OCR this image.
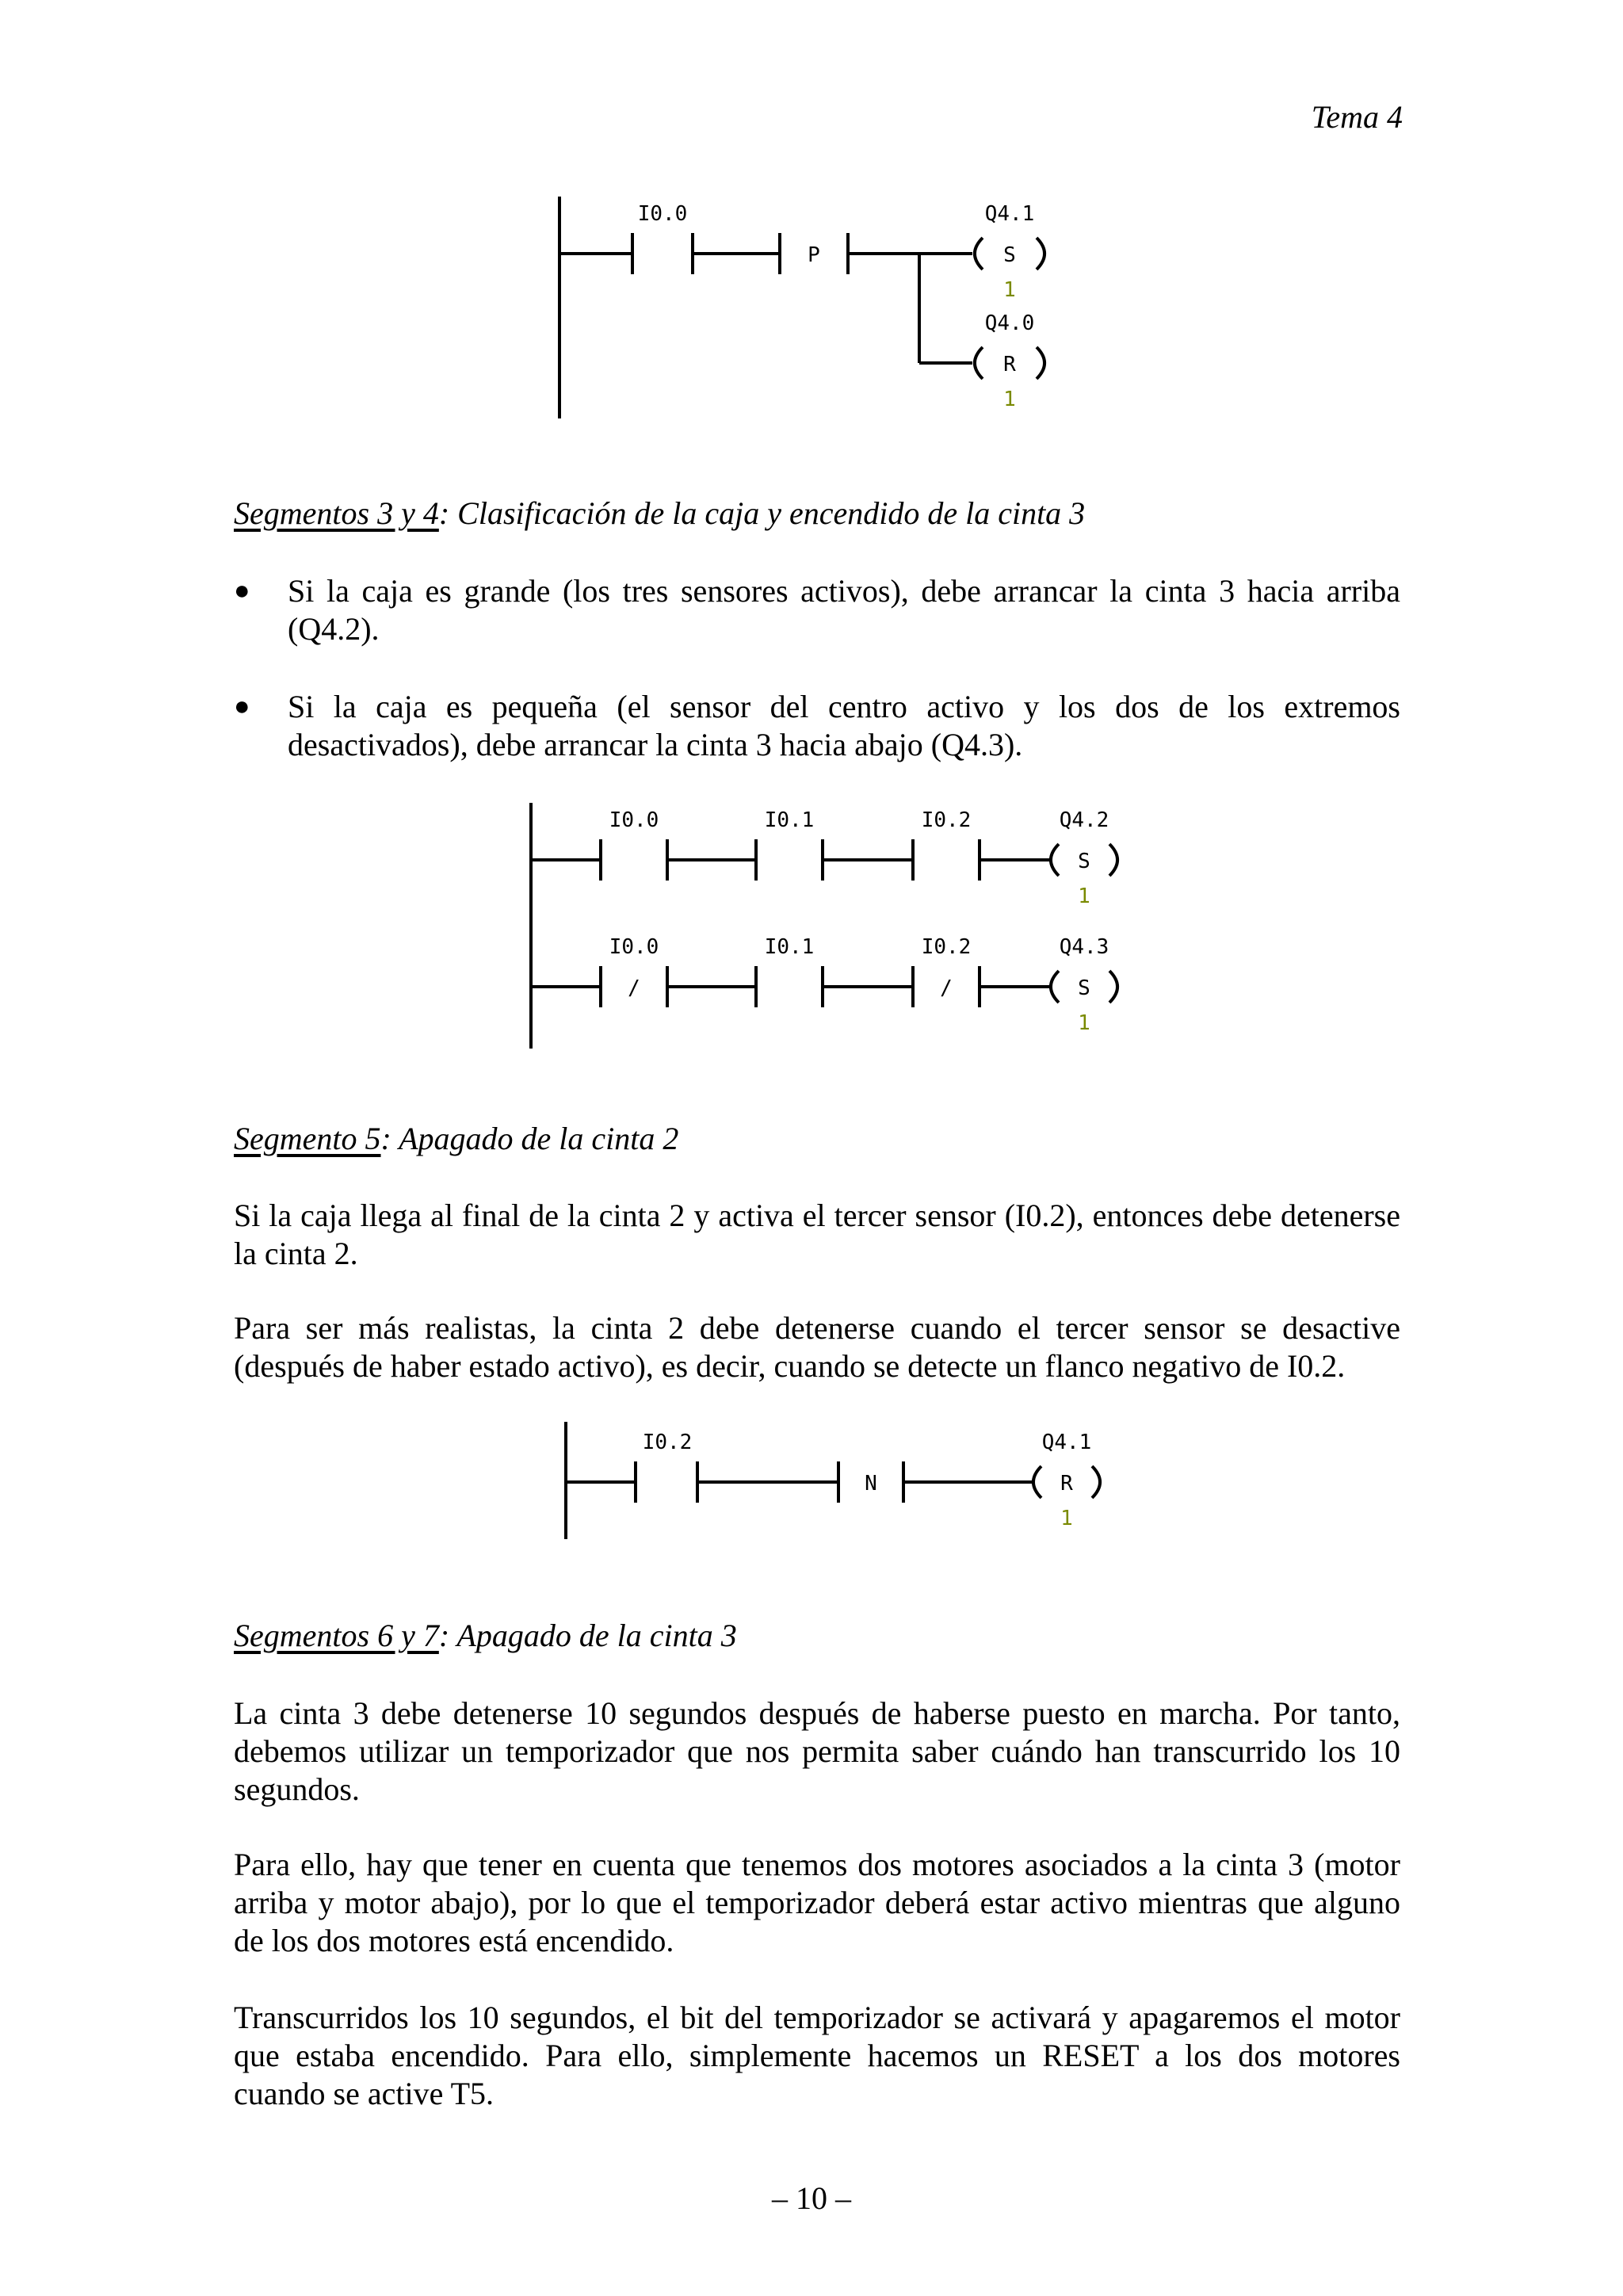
Tema 4
I0.0
P
Q4.1
S
1
Q4.0
R
1
Segmentos 3 y 4: Clasificación de la caja y encendido de la cinta 3
● Si la caja es grande (los tres sensores activos), debe arrancar la cinta 3 hacia arriba (Q4.2).
● Si la caja es pequeña (el sensor del centro activo y los dos de los extremos desactivados), debe arrancar la cinta 3 hacia abajo (Q4.3).
I0.0	I0.1	I0.2	Q4.2
S
1
I0.0	I0.1	I0.2
/	/
Q4.3
S
1
Segmento 5: Apagado de la cinta 2

Si la caja llega al final de la cinta 2 y activa el tercer sensor (I0.2), entonces debe detenerse la cinta 2.

Para ser más realistas, la cinta 2 debe detenerse cuando el tercer sensor se desactive (después de haber estado activo), es decir, cuando se detecte un flanco negativo de I0.2.

I0.2
N
Q4.1
R
1
Segmentos 6 y 7: Apagado de la cinta 3

La cinta 3 debe detenerse 10 segundos después de haberse puesto en marcha. Por tanto, debemos utilizar un temporizador que nos permita saber cuándo han transcurrido los 10 segundos.

Para ello, hay que tener en cuenta que tenemos dos motores asociados a la cinta 3 (motor arriba y motor abajo), por lo que el temporizador deberá estar activo mientras que alguno de los dos motores está encendido.

Transcurridos los 10 segundos, el bit del temporizador se activará y apagaremos el motor que estaba encendido. Para ello, simplemente hacemos un RESET a los dos motores cuando se active T5.

– 10 –
